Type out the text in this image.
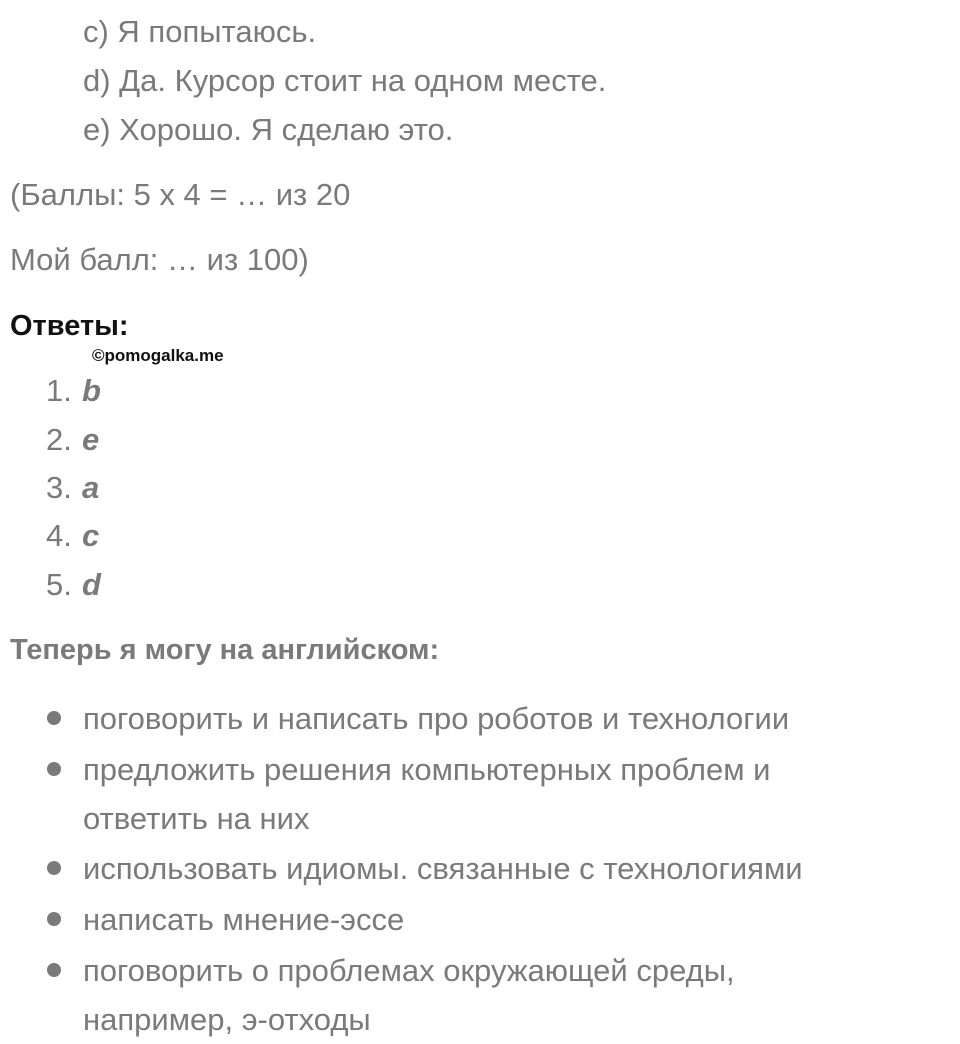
c) Я попытаюсь.
d) Да. Курсор стоит на одном месте.
e) Хорошо. Я сделаю это.
(Баллы: 5 х 4 = … из 20
Мой балл: … из 100)
Ответы:
©pomogalka.me
1. b
2. e
3. a
4. c
5. d
Теперь я могу на английском:
поговорить и написать про роботов и технологии
предложить решения компьютерных проблем и
ответить на них
использовать идиомы. связанные с технологиями
написать мнение-эссе
поговорить о проблемах окружающей среды,
например, э-отходы
